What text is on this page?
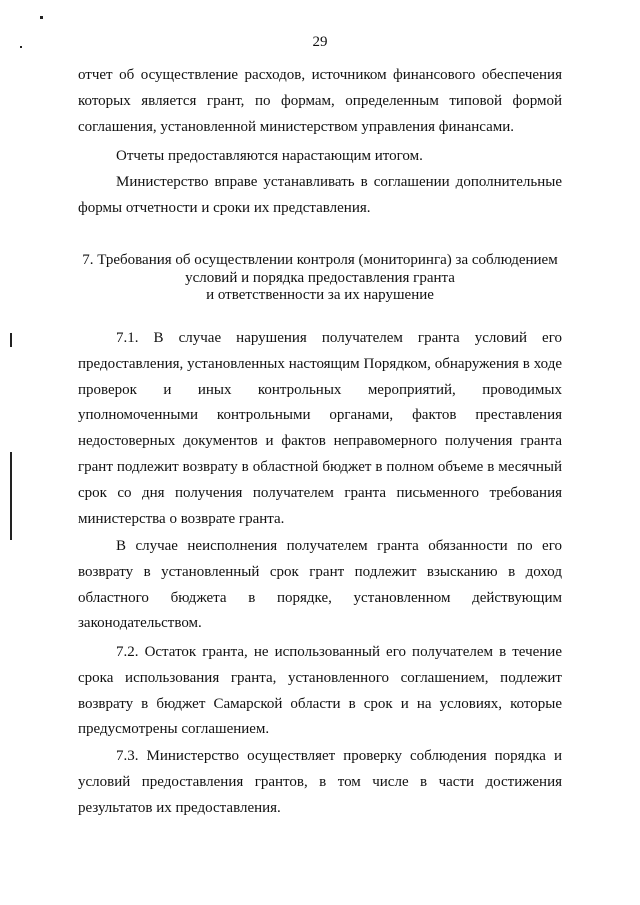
29

отчет об осуществление расходов, источником финансового обеспечения которых является грант, по формам, определенным типовой формой соглашения, установленной министерством управления финансами.

Отчеты предоставляются нарастающим итогом.

Министерство вправе устанавливать в соглашении дополнительные формы отчетности и сроки их представления.

7. Требования об осуществлении контроля (мониторинга) за соблюдением
условий и порядка предоставления гранта
и ответственности за их нарушение

7.1. В случае нарушения получателем гранта условий его предоставления, установленных настоящим Порядком, обнаружения в ходе проверок и иных контрольных мероприятий, проводимых уполномоченными контрольными органами, фактов преставления недостоверных документов и фактов неправомерного получения гранта грант подлежит возврату в областной бюджет в полном объеме в месячный срок со дня получения получателем гранта письменного требования министерства о возврате гранта.

В случае неисполнения получателем гранта обязанности по его возврату в установленный срок грант подлежит взысканию в доход областного бюджета в порядке, установленном действующим законодательством.

7.2. Остаток гранта, не использованный его получателем в течение срока использования гранта, установленного соглашением, подлежит возврату в бюджет Самарской области в срок и на условиях, которые предусмотрены соглашением.

7.3. Министерство осуществляет проверку соблюдения порядка и условий предоставления грантов, в том числе в части достижения результатов их предоставления.
